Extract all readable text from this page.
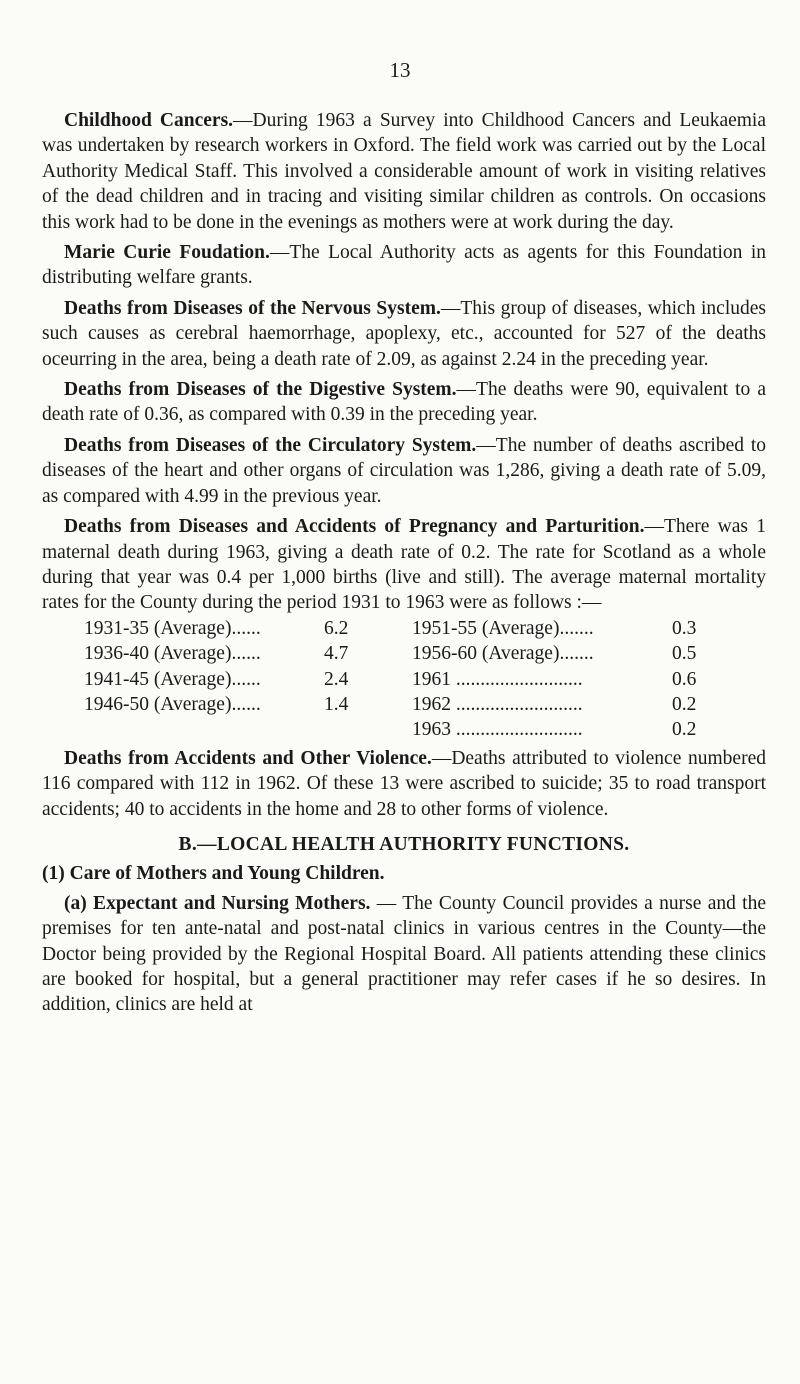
13

Childhood Cancers.—During 1963 a Survey into Childhood Cancers and Leukaemia was undertaken by research workers in Oxford. The field work was carried out by the Local Authority Medical Staff. This involved a considerable amount of work in visiting relatives of the dead children and in tracing and visiting similar children as controls. On occasions this work had to be done in the evenings as mothers were at work during the day.

Marie Curie Foudation.—The Local Authority acts as agents for this Foundation in distributing welfare grants.

Deaths from Diseases of the Nervous System.—This group of diseases, which includes such causes as cerebral haemorrhage, apoplexy, etc., accounted for 527 of the deaths oceurring in the area, being a death rate of 2.09, as against 2.24 in the preceding year.

Deaths from Diseases of the Digestive System.—The deaths were 90, equivalent to a death rate of 0.36, as compared with 0.39 in the preceding year.

Deaths from Diseases of the Circulatory System.—The number of deaths ascribed to diseases of the heart and other organs of circulation was 1,286, giving a death rate of 5.09, as compared with 4.99 in the previous year.

Deaths from Diseases and Accidents of Pregnancy and Parturition.—There was 1 maternal death during 1963, giving a death rate of 0.2. The rate for Scotland as a whole during that year was 0.4 per 1,000 births (live and still). The average maternal mortality rates for the County during the period 1931 to 1963 were as follows :—

1931-35 (Average)......	6.2	1951-55 (Average).......	0.3
1936-40 (Average)......	4.7	1956-60 (Average).......	0.5
1941-45 (Average)......	2.4	1961 ..........................	0.6
1946-50 (Average)......	1.4	1962 ..........................	0.2
1963 ..........................	0.2

Deaths from Accidents and Other Violence.—Deaths attributed to violence numbered 116 compared with 112 in 1962. Of these 13 were ascribed to suicide; 35 to road transport accidents; 40 to accidents in the home and 28 to other forms of violence.

B.—LOCAL HEALTH AUTHORITY FUNCTIONS.
(1) Care of Mothers and Young Children.

(a) Expectant and Nursing Mothers. — The County Council provides a nurse and the premises for ten ante-natal and post-natal clinics in various centres in the County—the Doctor being provided by the Regional Hospital Board. All patients attending these clinics are booked for hospital, but a general practitioner may refer cases if he so desires. In addition, clinics are held at
